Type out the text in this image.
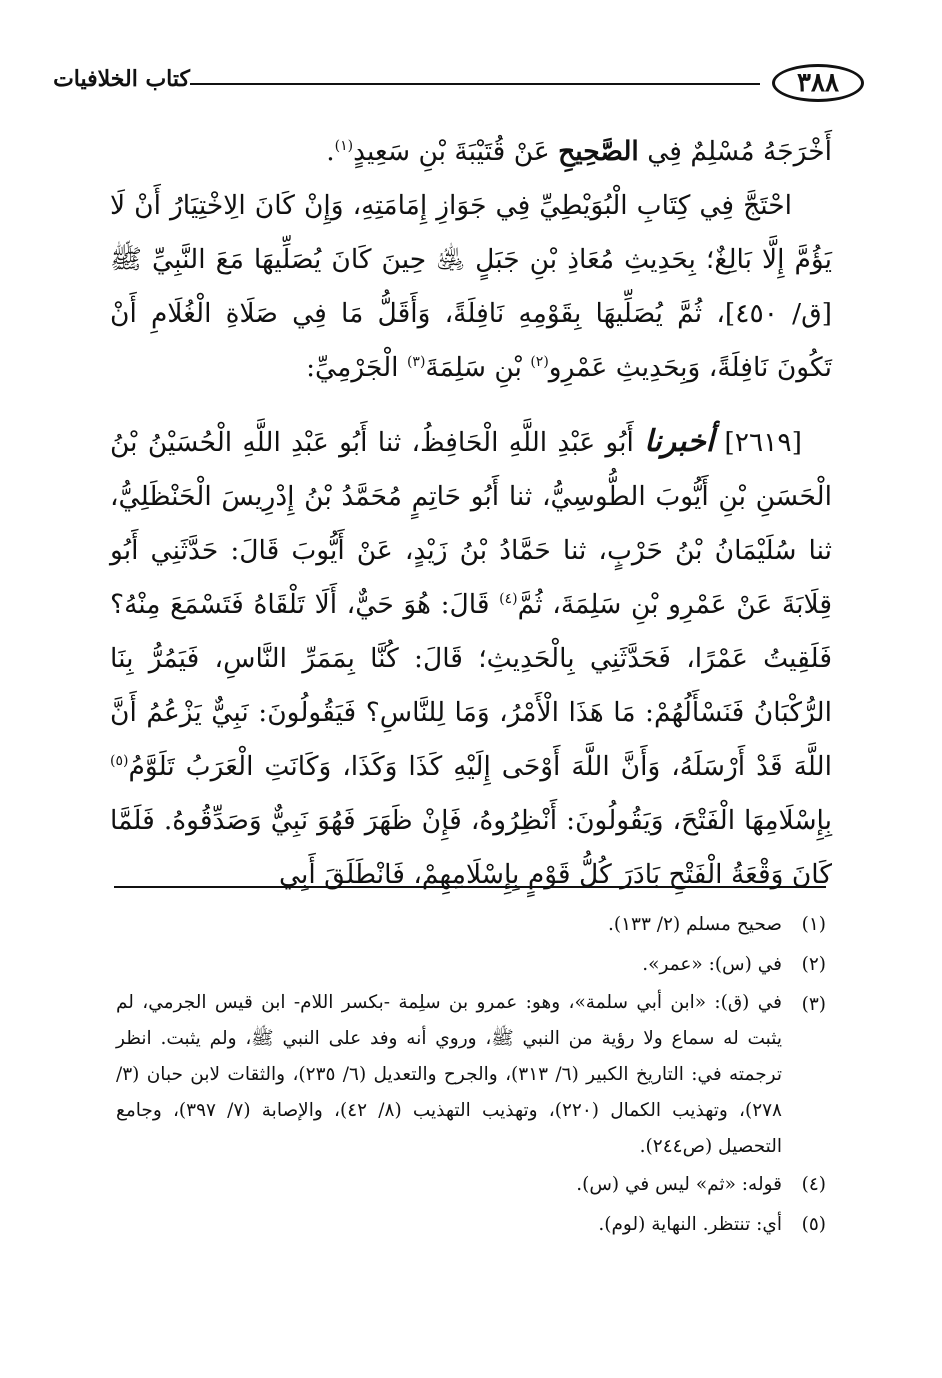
٣٨٨
كتاب الخلافيات

أَخْرَجَهُ مُسْلِمٌ فِي الصَّحِيحِ عَنْ قُتَيْبَةَ بْنِ سَعِيدٍ$^{(١)}$.

احْتَجَّ فِي كِتَابِ الْبُوَيْطِيِّ فِي جَوَازِ إِمَامَتِهِ، وَإِنْ كَانَ الِاخْتِيَارُ أَنْ لَا يَؤُمَّ إِلَّا بَالِغٌ؛ بِحَدِيثِ مُعَاذِ بْنِ جَبَلٍ ﵁ حِينَ كَانَ يُصَلِّيهَا مَعَ النَّبِيِّ ﷺ [ق/ ٤٥٠]، ثُمَّ يُصَلِّيهَا بِقَوْمِهِ نَافِلَةً، وَأَقَلُّ مَا فِي صَلَاةِ الْغُلَامِ أَنْ تَكُونَ نَافِلَةً، وَبِحَدِيثِ عَمْرِو$^{(٢)}$ بْنِ سَلِمَةَ$^{(٣)}$ الْجَرْمِيِّ:

[٢٦١٩] أخبرنا أَبُو عَبْدِ اللَّهِ الْحَافِظُ، ثنا أَبُو عَبْدِ اللَّهِ الْحُسَيْنُ بْنُ الْحَسَنِ بْنِ أَيُّوبَ الطُّوسِيُّ، ثنا أَبُو حَاتِمٍ مُحَمَّدُ بْنُ إِدْرِيسَ الْحَنْظَلِيُّ، ثنا سُلَيْمَانُ بْنُ حَرْبٍ، ثنا حَمَّادُ بْنُ زَيْدٍ، عَنْ أَيُّوبَ قَالَ: حَدَّثَنِي أَبُو قِلَابَةَ عَنْ عَمْرِو بْنِ سَلِمَةَ، ثُمَّ$^{(٤)}$ قَالَ: هُوَ حَيٌّ، أَلَا تَلْقَاهُ فَتَسْمَعَ مِنْهُ؟ فَلَقِيتُ عَمْرًا، فَحَدَّثَنِي بِالْحَدِيثِ؛ قَالَ: كُنَّا بِمَمَرِّ النَّاسِ، فَيَمُرُّ بِنَا الرُّكْبَانُ فَنَسْأَلُهُمْ: مَا هَذَا الْأَمْرُ، وَمَا لِلنَّاسِ؟ فَيَقُولُونَ: نَبِيٌّ يَزْعُمُ أَنَّ اللَّهَ قَدْ أَرْسَلَهُ، وَأَنَّ اللَّهَ أَوْحَى إِلَيْهِ كَذَا وَكَذَا، وَكَانَتِ الْعَرَبُ تَلَوَّمُ$^{(٥)}$ بِإِسْلَامِهَا الْفَتْحَ، وَيَقُولُونَ: أَنْظِرُوهُ، فَإِنْ ظَهَرَ فَهُوَ نَبِيٌّ وَصَدِّقُوهُ. فَلَمَّا كَانَ وَقْعَةُ الْفَتْحِ بَادَرَ كُلُّ قَوْمٍ بِإِسْلَامِهِمْ، فَانْطَلَقَ أَبِي

(١)
صحيح مسلم (٢/ ١٣٣).
(٢)
في (س): «عمر».
(٣)
في (ق): «ابن أبي سلمة»، وهو: عمرو بن سلِمة -بكسر اللام- ابن قيس الجرمي، لم يثبت له سماع ولا رؤية من النبي ﷺ، وروي أنه وفد على النبي ﷺ، ولم يثبت. انظر ترجمته في: التاريخ الكبير (٦/ ٣١٣)، والجرح والتعديل (٦/ ٢٣٥)، والثقات لابن حبان (٣/ ٢٧٨)، وتهذيب الكمال (٢٢٠)، وتهذيب التهذيب (٨/ ٤٢)، والإصابة (٧/ ٣٩٧)، وجامع التحصيل (ص٢٤٤).
(٤)
قوله: «ثم» ليس في (س).
(٥)
أي: تنتظر. النهاية (لوم).
